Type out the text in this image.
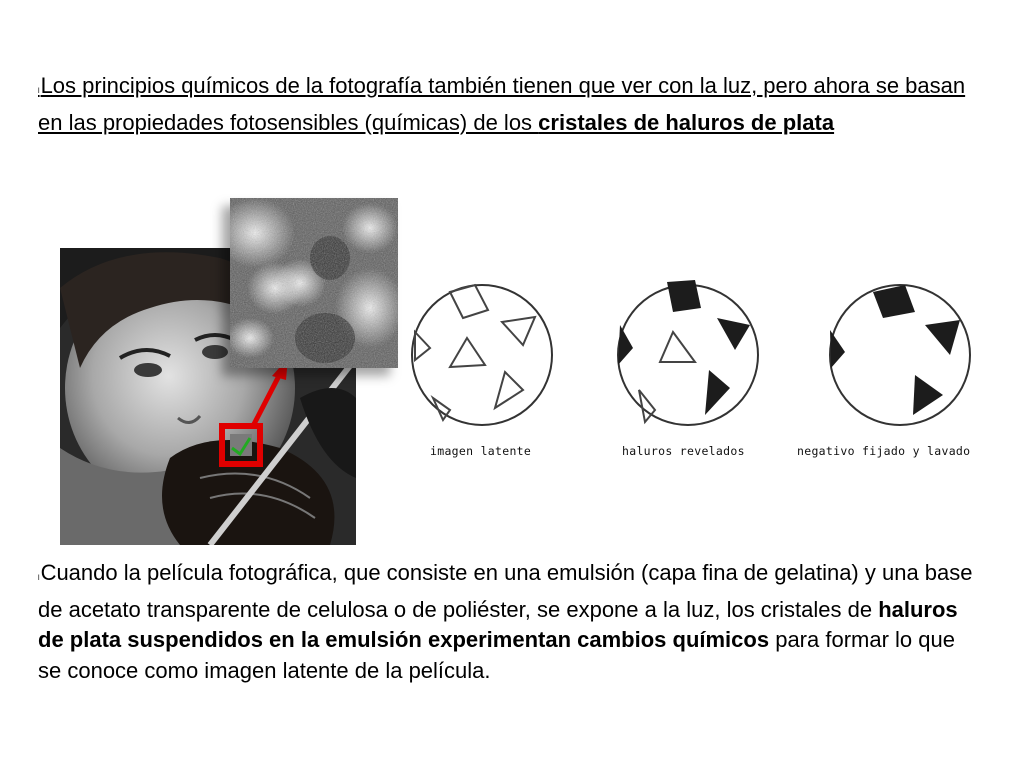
lLos principios químicos de la fotografía también tienen que ver con la luz, pero ahora se basan en las propiedades fotosensibles (químicas) de los cristales de haluros de plata
imagen latente	haluros revelados	negativo fijado y lavado
lCuando la película fotográfica, que consiste en una emulsión (capa fina de gelatina) y una base de acetato transparente de celulosa o de poliéster, se expone a la luz, los cristales de haluros de plata suspendidos en la emulsión experimentan cambios químicos para formar lo que se conoce como imagen latente de la película.
